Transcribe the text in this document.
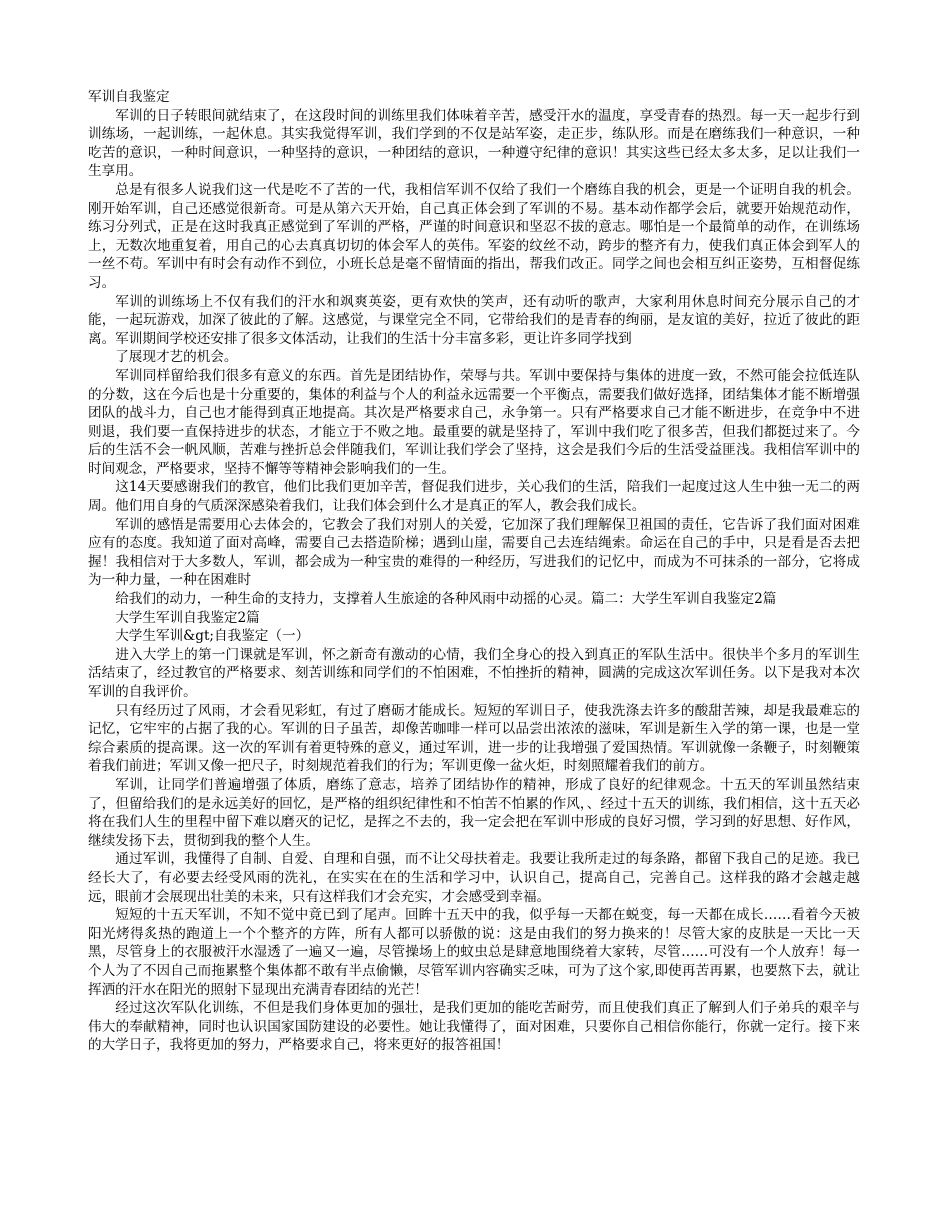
军训自我鉴定

军训的日子转眼间就结束了，在这段时间的训练里我们体味着辛苦，感受汗水的温度，享受青春的热烈。每一天一起步行到训练场，一起训练，一起休息。其实我觉得军训，我们学到的不仅是站军姿，走正步，练队形。而是在磨练我们一种意识，一种吃苦的意识，一种时间意识，一种坚持的意识，一种团结的意识，一种遵守纪律的意识！其实这些已经太多太多，足以让我们一生享用。

总是有很多人说我们这一代是吃不了苦的一代，我相信军训不仅给了我们一个磨练自我的机会，更是一个证明自我的机会。刚开始军训，自己还感觉很新奇。可是从第六天开始，自己真正体会到了军训的不易。基本动作都学会后，就要开始规范动作，练习分列式，正是在这时我真正感觉到了军训的严格，严谨的时间意识和坚忍不拔的意志。哪怕是一个最简单的动作，在训练场上，无数次地重复着，用自己的心去真真切切的体会军人的英伟。军姿的纹丝不动，跨步的整齐有力，使我们真正体会到军人的一丝不苟。军训中有时会有动作不到位，小班长总是毫不留情面的指出，帮我们改正。同学之间也会相互纠正姿势，互相督促练习。

军训的训练场上不仅有我们的汗水和飒爽英姿，更有欢快的笑声，还有动听的歌声，大家利用休息时间充分展示自己的才能，一起玩游戏，加深了彼此的了解。这感觉，与课堂完全不同，它带给我们的是青春的绚丽，是友谊的美好，拉近了彼此的距离。军训期间学校还安排了很多文体活动，让我们的生活十分丰富多彩，更让许多同学找到

了展现才艺的机会。

军训同样留给我们很多有意义的东西。首先是团结协作，荣辱与共。军训中要保持与集体的进度一致，不然可能会拉低连队的分数，这在今后也是十分重要的，集体的利益与个人的利益永远需要一个平衡点，需要我们做好选择，团结集体才能不断增强团队的战斗力，自己也才能得到真正地提高。其次是严格要求自己，永争第一。只有严格要求自己才能不断进步，在竞争中不进则退，我们要一直保持进步的状态，才能立于不败之地。最重要的就是坚持了，军训中我们吃了很多苦，但我们都挺过来了。今后的生活不会一帆风顺，苦难与挫折总会伴随我们，军训让我们学会了坚持，这会是我们今后的生活受益匪浅。我相信军训中的时间观念，严格要求，坚持不懈等等精神会影响我们的一生。

这14天要感谢我们的教官，他们比我们更加辛苦，督促我们进步，关心我们的生活，陪我们一起度过这人生中独一无二的两周。他们用自身的气质深深感染着我们，让我们体会到什么才是真正的军人，教会我们成长。

军训的感悟是需要用心去体会的，它教会了我们对别人的关爱，它加深了我们理解保卫祖国的责任，它告诉了我们面对困难应有的态度。我知道了面对高峰，需要自己去搭造阶梯；遇到山崖，需要自己去连结绳索。命运在自己的手中，只是看是否去把握！我相信对于大多数人，军训，都会成为一种宝贵的难得的一种经历，写进我们的记忆中，而成为不可抹杀的一部分，它将成为一种力量，一种在困难时

给我们的动力，一种生命的支持力，支撑着人生旅途的各种风雨中动摇的心灵。篇二：大学生军训自我鉴定2篇

大学生军训自我鉴定2篇

大学生军训&gt;自我鉴定（一）

进入大学上的第一门课就是军训，怀之新奇有激动的心情，我们全身心的投入到真正的军队生活中。很快半个多月的军训生活结束了，经过教官的严格要求、刻苦训练和同学们的不怕困难，不怕挫折的精神，圆满的完成这次军训任务。以下是我对本次军训的自我评价。

只有经历过了风雨，才会看见彩虹，有过了磨砺才能成长。短短的军训日子，使我洗涤去许多的酸甜苦辣，却是我最难忘的记忆，它牢牢的占据了我的心。军训的日子虽苦，却像苦咖啡一样可以品尝出浓浓的滋味，军训是新生入学的第一课，也是一堂综合素质的提高课。这一次的军训有着更特殊的意义，通过军训，进一步的让我增强了爱国热情。军训就像一条鞭子，时刻鞭策着我们前进；军训又像一把尺子，时刻规范着我们的行为；军训更像一盆火炬，时刻照耀着我们的前方。

军训，让同学们普遍增强了体质，磨练了意志，培养了团结协作的精神，形成了良好的纪律观念。十五天的军训虽然结束了，但留给我们的是永远美好的回忆，是严格的组织纪律性和不怕苦不怕累的作风，、经过十五天的训练，我们相信，这十五天必将在我们人生的里程中留下难以磨灭的记忆，是挥之不去的，我一定会把在军训中形成的良好习惯，学习到的好思想、好作风，继续发扬下去，贯彻到我的整个人生。

通过军训，我懂得了自制、自爱、自理和自强，而不让父母扶着走。我要让我所走过的每条路，都留下我自己的足迹。我已经长大了，有必要去经受风雨的洗礼，在实实在在的生活和学习中，认识自己，提高自己，完善自己。这样我的路才会越走越远，眼前才会展现出壮美的未来，只有这样我们才会充实，才会感受到幸福。

短短的十五天军训，不知不觉中竟已到了尾声。回眸十五天中的我，似乎每一天都在蜕变，每一天都在成长……看着今天被阳光烤得炙热的跑道上一个个整齐的方阵，所有人都可以骄傲的说：这是由我们的努力换来的！尽管大家的皮肤是一天比一天黑，尽管身上的衣服被汗水湿透了一遍又一遍，尽管操场上的蚊虫总是肆意地围绕着大家转，尽管……可没有一个人放弃！每一个人为了不因自己而拖累整个集体都不敢有半点偷懒，尽管军训内容确实乏味，可为了这个家,即使再苦再累，也要熬下去，就让挥洒的汗水在阳光的照射下显现出充满青春团结的光芒！

经过这次军队化训练，不但是我们身体更加的强壮，是我们更加的能吃苦耐劳，而且使我们真正了解到人们子弟兵的艰辛与伟大的奉献精神，同时也认识国家国防建设的必要性。她让我懂得了，面对困难，只要你自己相信你能行，你就一定行。接下来的大学日子，我将更加的努力，严格要求自己，将来更好的报答祖国！
